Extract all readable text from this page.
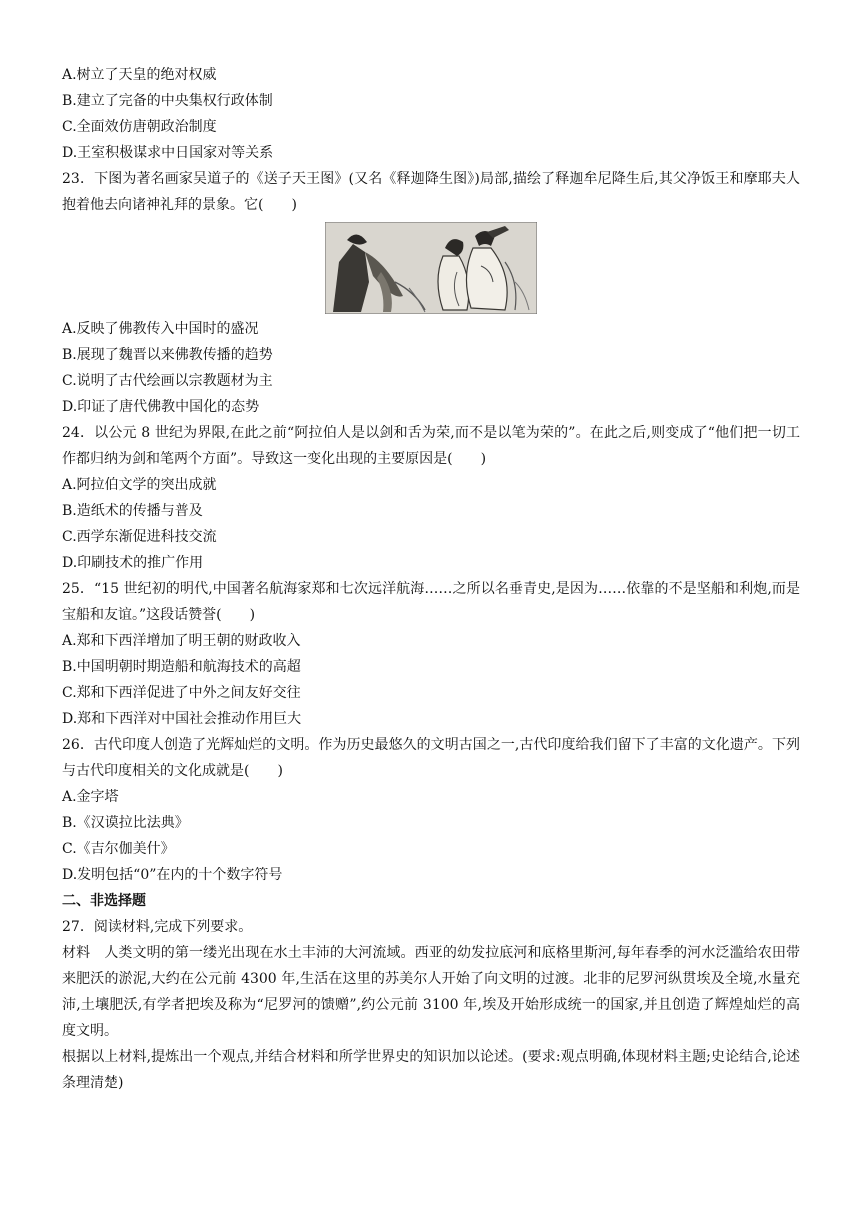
A.树立了天皇的绝对权威
B.建立了完备的中央集权行政体制
C.全面效仿唐朝政治制度
D.王室积极谋求中日国家对等关系
23．下图为著名画家吴道子的《送子天王图》(又名《释迦降生图》)局部,描绘了释迦牟尼降生后,其父净饭王和摩耶夫人抱着他去向诸神礼拜的景象。它(　　)
A.反映了佛教传入中国时的盛况
B.展现了魏晋以来佛教传播的趋势
C.说明了古代绘画以宗教题材为主
D.印证了唐代佛教中国化的态势
24．以公元 8 世纪为界限,在此之前“阿拉伯人是以剑和舌为荣,而不是以笔为荣的”。在此之后,则变成了“他们把一切工作都归纳为剑和笔两个方面”。导致这一变化出现的主要原因是(　　)
A.阿拉伯文学的突出成就
B.造纸术的传播与普及
C.西学东渐促进科技交流
D.印刷技术的推广作用
25．“15 世纪初的明代,中国著名航海家郑和七次远洋航海……之所以名垂青史,是因为……依靠的不是坚船和利炮,而是宝船和友谊。”这段话赞誉(　　)
A.郑和下西洋增加了明王朝的财政收入
B.中国明朝时期造船和航海技术的高超
C.郑和下西洋促进了中外之间友好交往
D.郑和下西洋对中国社会推动作用巨大
26．古代印度人创造了光辉灿烂的文明。作为历史最悠久的文明古国之一,古代印度给我们留下了丰富的文化遗产。下列与古代印度相关的文化成就是(　　)
A.金字塔
B.《汉谟拉比法典》
C.《吉尔伽美什》
D.发明包括“0”在内的十个数字符号
二、非选择题
27．阅读材料,完成下列要求。
材料　人类文明的第一缕光出现在水土丰沛的大河流域。西亚的幼发拉底河和底格里斯河,每年春季的河水泛滥给农田带来肥沃的淤泥,大约在公元前 4300 年,生活在这里的苏美尔人开始了向文明的过渡。北非的尼罗河纵贯埃及全境,水量充沛,土壤肥沃,有学者把埃及称为“尼罗河的馈赠”,约公元前 3100 年,埃及开始形成统一的国家,并且创造了辉煌灿烂的高度文明。
根据以上材料,提炼出一个观点,并结合材料和所学世界史的知识加以论述。(要求:观点明确,体现材料主题;史论结合,论述条理清楚)
